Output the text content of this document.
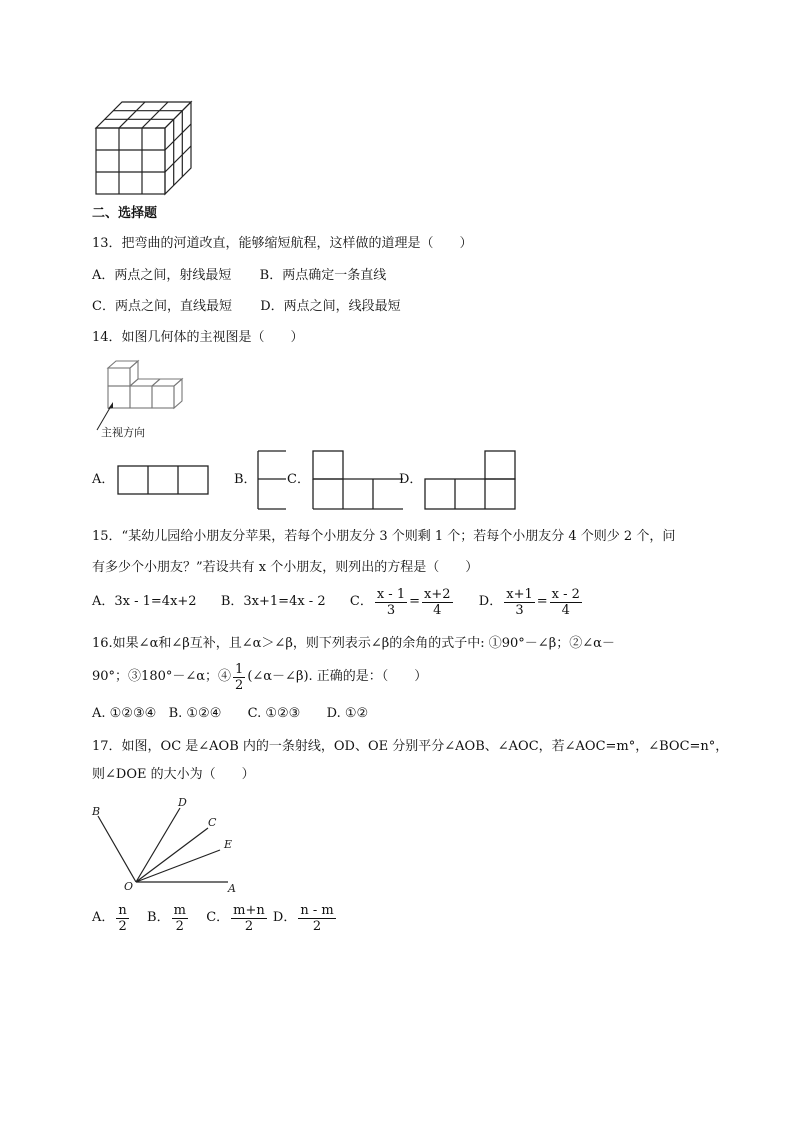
二、选择题
13．把弯曲的河道改直，能够缩短航程，这样做的道理是（　　）
A．两点之间，射线最短 B．两点确定一条直线
C．两点之间，直线最短 D．两点之间，线段最短
14．如图几何体的主视图是（　　）
主视方向
A．	B． C．	D．
15．“某幼儿园给小朋友分苹果，若每个小朋友分 3 个则剩 1 个；若每个小朋友分 4 个则少 2 个，问
有多少个小朋友？”若设共有 x 个小朋友，则列出的方程是（　　）
A．3x - 1=4x+2 B．3x+1=4x - 2 C． $\frac{x - 1}{3} = \frac{x+2}{4}$ D． $\frac{x+1}{3} = \frac{x - 2}{4}$
16.如果∠α和∠β互补，且∠α＞∠β，则下列表示∠β的余角的式子中: ①90°－∠β；②∠α－
90°；③180°－∠α；④ $\frac{1}{2}$ (∠α－∠β). 正确的是：（　　）
A. ①②③④ B. ①②④ C. ①②③ D. ①②
17．如图，OC 是∠AOB 内的一条射线，OD、OE 分别平分∠AOB、∠AOC，若∠AOC=m°，∠BOC=n°，
则∠DOE 的大小为（　　）
B
D
C
E
O	A
A． $\frac{n}{2}$ B． $\frac{m}{2}$ C． $\frac{m+n}{2}$ D． $\frac{n - m}{2}$
